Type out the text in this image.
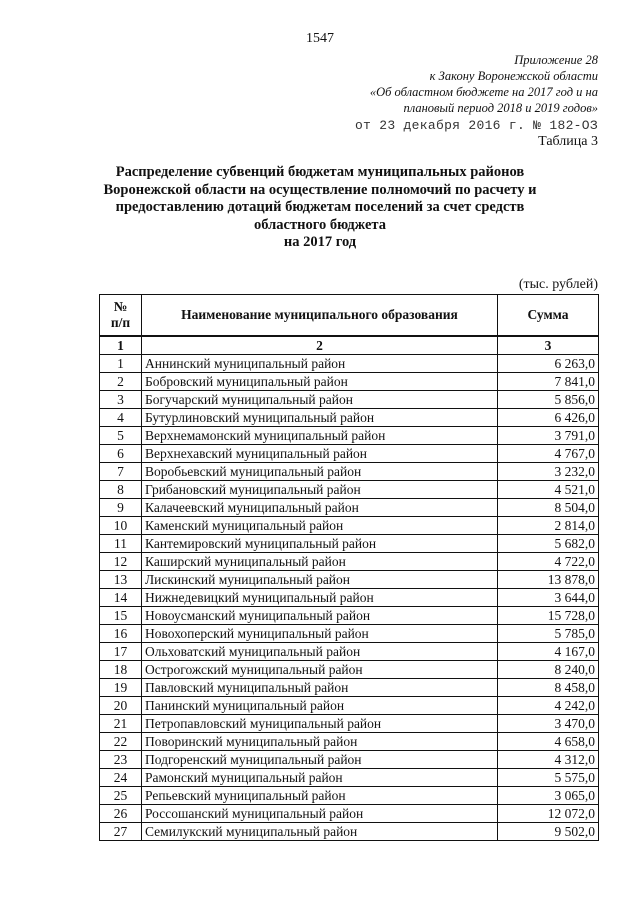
1547
Приложение 28
к Закону Воронежской области
«Об областном бюджете на 2017 год и на
плановый период 2018 и 2019 годов»
от 23 декабря 2016 г. № 182-ОЗ
Таблица 3
Распределение субвенций бюджетам муниципальных районов
Воронежской области на осуществление полномочий по расчету и
предоставлению дотаций бюджетам поселений за счет средств
областного бюджета
на 2017 год
(тыс. рублей)
№
п/п	Наименование муниципального образования	Сумма
1	2	3
1	Аннинский муниципальный район	6 263,0
2	Бобровский муниципальный район	7 841,0
3	Богучарский муниципальный район	5 856,0
4	Бутурлиновский муниципальный район	6 426,0
5	Верхнемамонский муниципальный район	3 791,0
6	Верхнехавский муниципальный район	4 767,0
7	Воробьевский муниципальный район	3 232,0
8	Грибановский муниципальный район	4 521,0
9	Калачеевский муниципальный район	8 504,0
10	Каменский муниципальный район	2 814,0
11	Кантемировский муниципальный район	5 682,0
12	Каширский муниципальный район	4 722,0
13	Лискинский муниципальный район	13 878,0
14	Нижнедевицкий муниципальный район	3 644,0
15	Новоусманский муниципальный район	15 728,0
16	Новохоперский муниципальный район	5 785,0
17	Ольховатский муниципальный район	4 167,0
18	Острогожский муниципальный район	8 240,0
19	Павловский муниципальный район	8 458,0
20	Панинский муниципальный район	4 242,0
21	Петропавловский муниципальный район	3 470,0
22	Поворинский муниципальный район	4 658,0
23	Подгоренский муниципальный район	4 312,0
24	Рамонский муниципальный район	5 575,0
25	Репьевский муниципальный район	3 065,0
26	Россошанский муниципальный район	12 072,0
27	Семилукский муниципальный район	9 502,0
